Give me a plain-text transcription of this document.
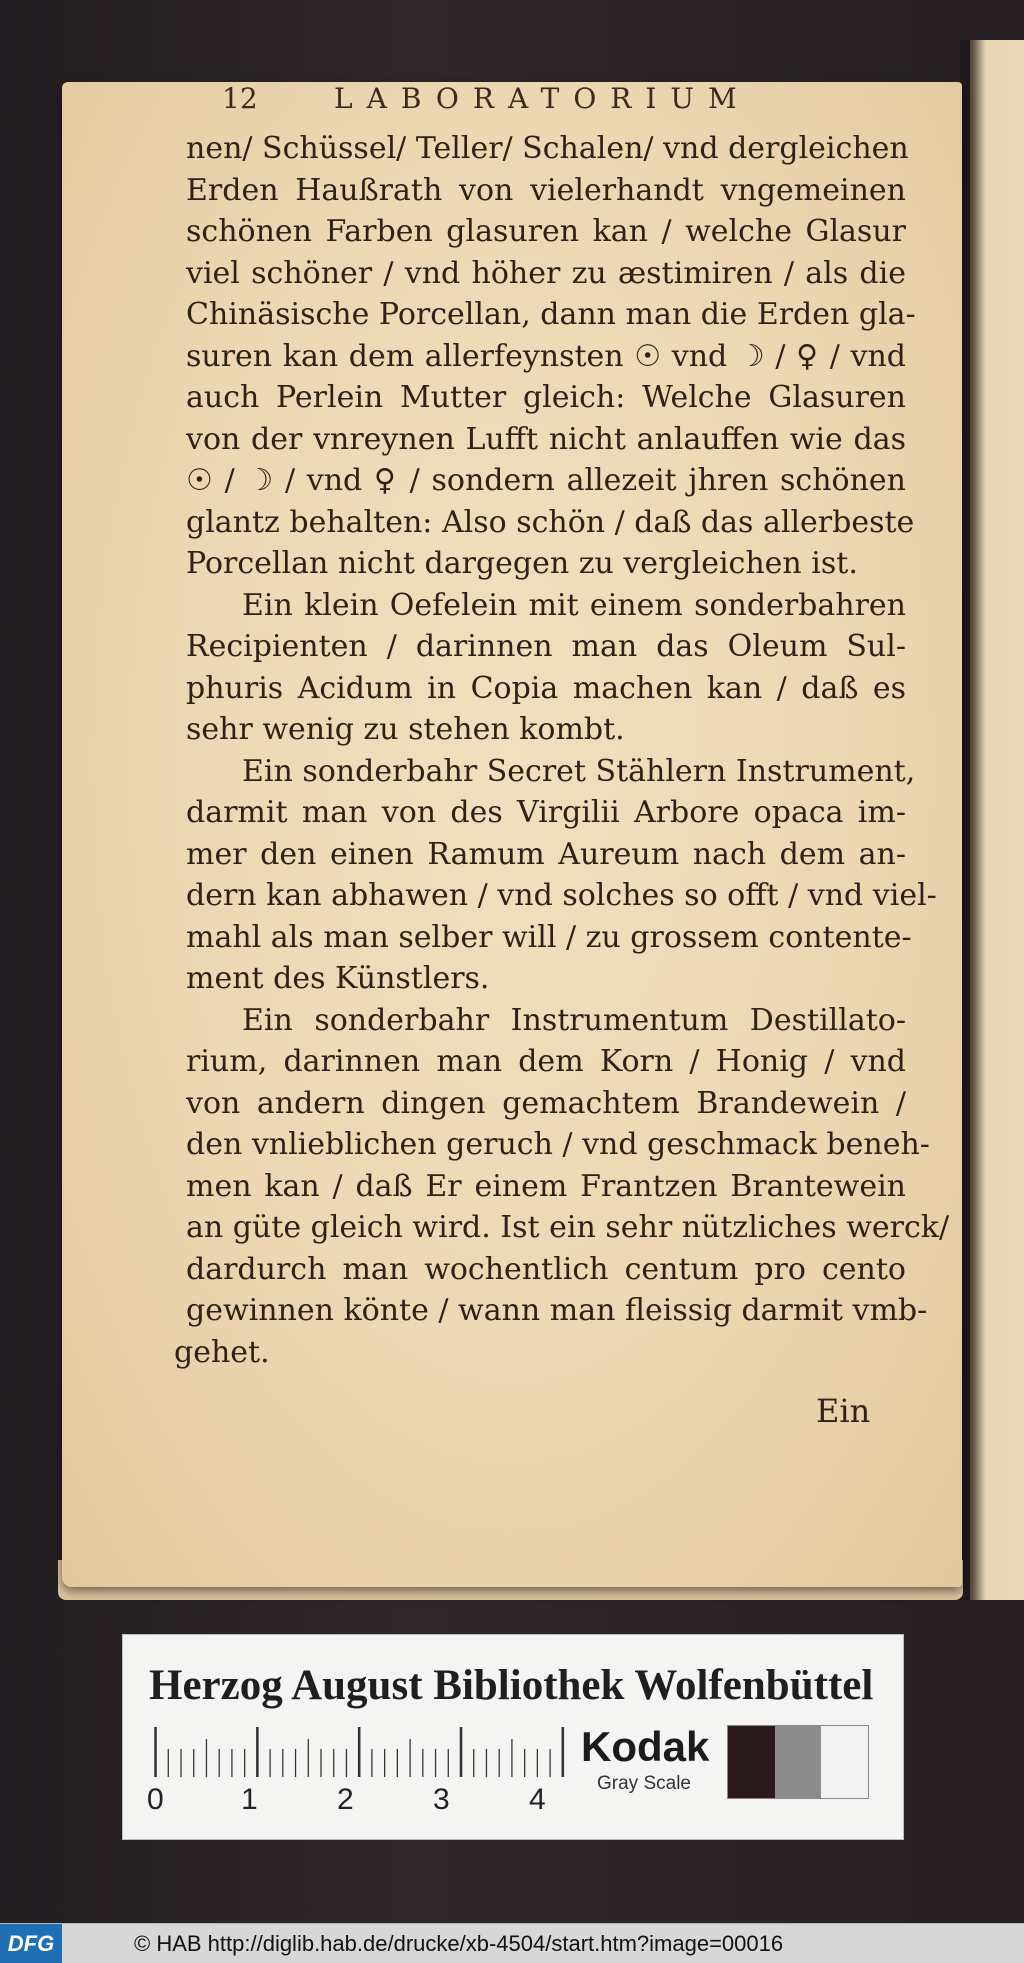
12	LABORATORIUM
nen/ Schüssel/ Teller/ Schalen/ vnd dergleichen
Erden Haußrath von vielerhandt vngemeinen
schönen Farben glasuren kan / welche Glasur
viel schöner / vnd höher zu æstimiren / als die
Chinäsische Porcellan, dann man die Erden gla-
suren kan dem allerfeynsten ☉ vnd ☽ / ♀ / vnd
auch Perlein Mutter gleich: Welche Glasuren
von der vnreynen Lufft nicht anlauffen wie das
☉ / ☽ / vnd ♀ / sondern allezeit jhren schönen
glantz behalten: Also schön / daß das allerbeste
Porcellan nicht dargegen zu vergleichen ist.
Ein klein Oefelein mit einem sonderbahren
Recipienten / darinnen man das Oleum Sul-
phuris Acidum in Copia machen kan / daß es
sehr wenig zu stehen kombt.
Ein sonderbahr Secret Stählern Instrument,
darmit man von des Virgilii Arbore opaca im-
mer den einen Ramum Aureum nach dem an-
dern kan abhawen / vnd solches so offt / vnd viel-
mahl als man selber will / zu grossem contente-
ment des Künstlers.
Ein sonderbahr Instrumentum Destillato-
rium, darinnen man dem Korn / Honig / vnd
von andern dingen gemachtem Brandewein /
den vnlieblichen geruch / vnd geschmack beneh-
men kan / daß Er einem Frantzen Brantewein
an güte gleich wird. Ist ein sehr nützliches werck/
dardurch man wochentlich centum pro cento
gewinnen könte / wann man fleissig darmit vmb-
gehet.
Ein
Herzog August Bibliothek Wolfenbüttel
0	1	2	3	4
Kodak
Gray Scale
DFG	© HAB http://diglib.hab.de/drucke/xb-4504/start.htm?image=00016
